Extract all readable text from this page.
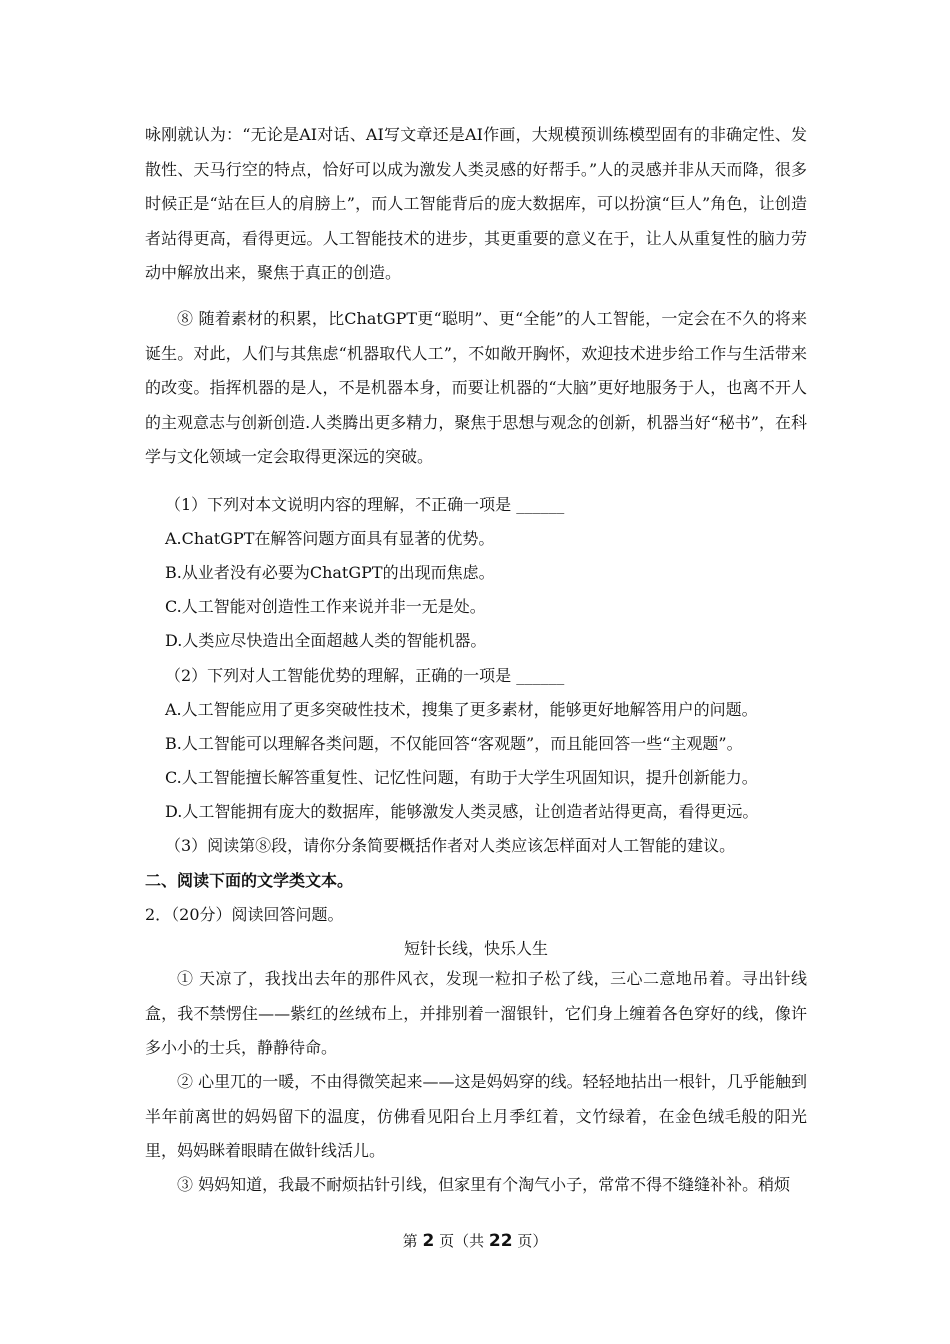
咏刚就认为：“无论是AI对话、AI写文章还是AI作画，大规模预训练模型固有的非确定性、发散性、天马行空的特点，恰好可以成为激发人类灵感的好帮手。”人的灵感并非从天而降，很多时候正是“站在巨人的肩膀上”，而人工智能背后的庞大数据库，可以扮演“巨人”角色，让创造者站得更高，看得更远。人工智能技术的进步，其更重要的意义在于，让人从重复性的脑力劳动中解放出来，聚焦于真正的创造。

⑧ 随着素材的积累，比ChatGPT更“聪明”、更“全能”的人工智能，一定会在不久的将来诞生。对此，人们与其焦虑“机器取代人工”，不如敞开胸怀，欢迎技术进步给工作与生活带来的改变。指挥机器的是人，不是机器本身，而要让机器的“大脑”更好地服务于人，也离不开人的主观意志与创新创造.人类腾出更多精力，聚焦于思想与观念的创新，机器当好“秘书”，在科学与文化领域一定会取得更深远的突破。

（1）下列对本文说明内容的理解，不正确一项是 ______

A.ChatGPT在解答问题方面具有显著的优势。

B.从业者没有必要为ChatGPT的出现而焦虑。

C.人工智能对创造性工作来说并非一无是处。

D.人类应尽快造出全面超越人类的智能机器。

（2）下列对人工智能优势的理解，正确的一项是 ______

A.人工智能应用了更多突破性技术，搜集了更多素材，能够更好地解答用户的问题。

B.人工智能可以理解各类问题，不仅能回答“客观题”，而且能回答一些“主观题”。

C.人工智能擅长解答重复性、记忆性问题，有助于大学生巩固知识，提升创新能力。

D.人工智能拥有庞大的数据库，能够激发人类灵感，让创造者站得更高，看得更远。

（3）阅读第⑧段，请你分条简要概括作者对人类应该怎样面对人工智能的建议。

二、阅读下面的文学类文本。

2．（20分）阅读回答问题。

短针长线，快乐人生

① 天凉了，我找出去年的那件风衣，发现一粒扣子松了线，三心二意地吊着。寻出针线盒，我不禁愣住——紫红的丝绒布上，并排别着一溜银针，它们身上缠着各色穿好的线，像许多小小的士兵，静静待命。

② 心里兀的一暖，不由得微笑起来——这是妈妈穿的线。轻轻地拈出一根针，几乎能触到半年前离世的妈妈留下的温度，仿佛看见阳台上月季红着，文竹绿着，在金色绒毛般的阳光里，妈妈眯着眼睛在做针线活儿。

③ 妈妈知道，我最不耐烦拈针引线，但家里有个淘气小子，常常不得不缝缝补补。稍烦

第 2 页（共 22 页）
